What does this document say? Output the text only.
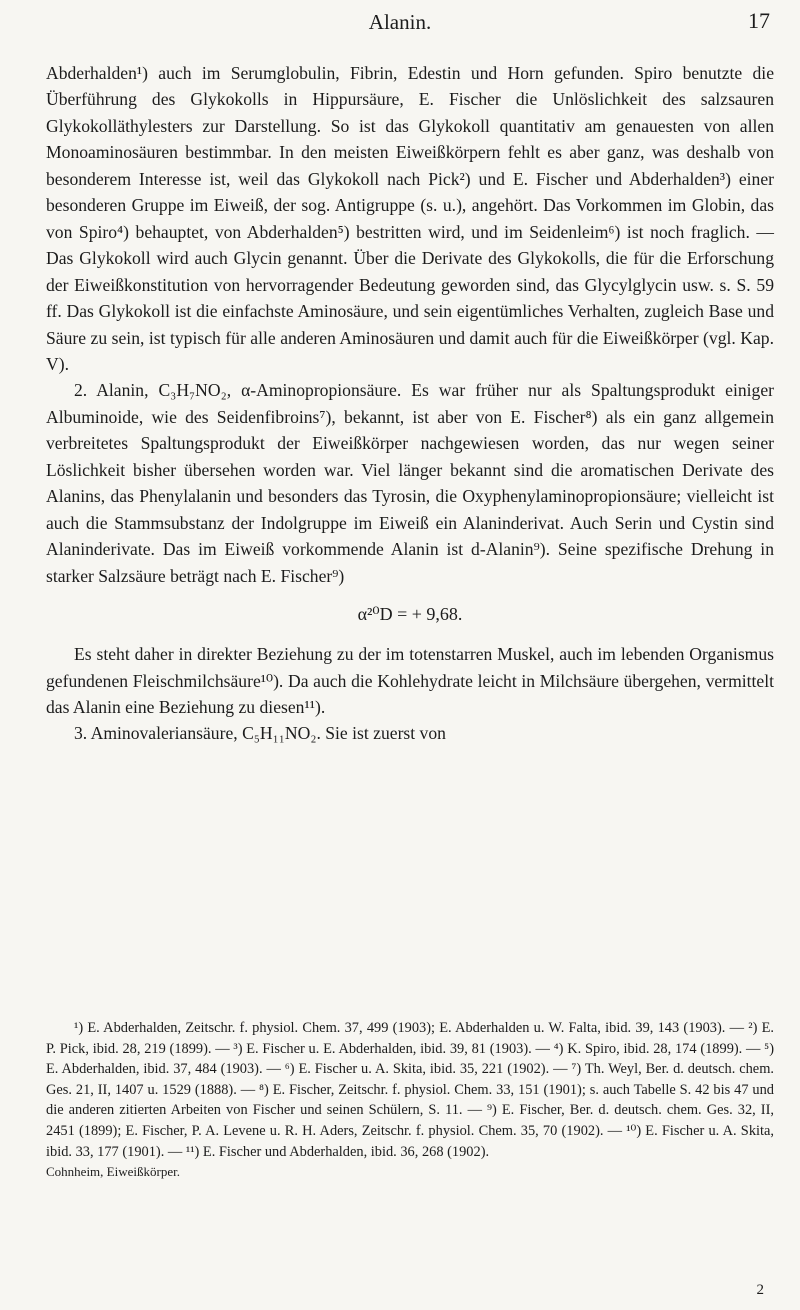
Alanin.	17

Abderhalden¹) auch im Serumglobulin, Fibrin, Edestin und Horn gefunden. Spiro benutzte die Überführung des Glykokolls in Hippursäure, E. Fischer die Unlöslichkeit des salzsauren Glykokolläthylesters zur Darstellung. So ist das Glykokoll quantitativ am genauesten von allen Monoaminosäuren bestimmbar. In den meisten Eiweißkörpern fehlt es aber ganz, was deshalb von besonderem Interesse ist, weil das Glykokoll nach Pick²) und E. Fischer und Abderhalden³) einer besonderen Gruppe im Eiweiß, der sog. Antigruppe (s. u.), angehört. Das Vorkommen im Globin, das von Spiro⁴) behauptet, von Abderhalden⁵) bestritten wird, und im Seidenleim⁶) ist noch fraglich. — Das Glykokoll wird auch Glycin genannt. Über die Derivate des Glykokolls, die für die Erforschung der Eiweißkonstitution von hervorragender Bedeutung geworden sind, das Glycylglycin usw. s. S. 59 ff. Das Glykokoll ist die einfachste Aminosäure, und sein eigentümliches Verhalten, zugleich Base und Säure zu sein, ist typisch für alle anderen Aminosäuren und damit auch für die Eiweißkörper (vgl. Kap. V).

2. Alanin, C₃H₇NO₂, α-Aminopropionsäure. Es war früher nur als Spaltungsprodukt einiger Albuminoide, wie des Seidenfibroins⁷), bekannt, ist aber von E. Fischer⁸) als ein ganz allgemein verbreitetes Spaltungsprodukt der Eiweißkörper nachgewiesen worden, das nur wegen seiner Löslichkeit bisher übersehen worden war. Viel länger bekannt sind die aromatischen Derivate des Alanins, das Phenylalanin und besonders das Tyrosin, die Oxyphenylaminopropionsäure; vielleicht ist auch die Stammsubstanz der Indolgruppe im Eiweiß ein Alaninderivat. Auch Serin und Cystin sind Alaninderivate. Das im Eiweiß vorkommende Alanin ist d-Alanin⁹). Seine spezifische Drehung in starker Salzsäure beträgt nach E. Fischer⁹)

α²⁰D = + 9,68.

Es steht daher in direkter Beziehung zu der im totenstarren Muskel, auch im lebenden Organismus gefundenen Fleischmilchsäure¹⁰). Da auch die Kohlehydrate leicht in Milchsäure übergehen, vermittelt das Alanin eine Beziehung zu diesen¹¹).

3. Aminovaleriansäure, C₅H₁₁NO₂. Sie ist zuerst von

¹) E. Abderhalden, Zeitschr. f. physiol. Chem. 37, 499 (1903); E. Abderhalden u. W. Falta, ibid. 39, 143 (1903). — ²) E. P. Pick, ibid. 28, 219 (1899). — ³) E. Fischer u. E. Abderhalden, ibid. 39, 81 (1903). — ⁴) K. Spiro, ibid. 28, 174 (1899). — ⁵) E. Abderhalden, ibid. 37, 484 (1903). — ⁶) E. Fischer u. A. Skita, ibid. 35, 221 (1902). — ⁷) Th. Weyl, Ber. d. deutsch. chem. Ges. 21, II, 1407 u. 1529 (1888). — ⁸) E. Fischer, Zeitschr. f. physiol. Chem. 33, 151 (1901); s. auch Tabelle S. 42 bis 47 und die anderen zitierten Arbeiten von Fischer und seinen Schülern, S. 11. — ⁹) E. Fischer, Ber. d. deutsch. chem. Ges. 32, II, 2451 (1899); E. Fischer, P. A. Levene u. R. H. Aders, Zeitschr. f. physiol. Chem. 35, 70 (1902). — ¹⁰) E. Fischer u. A. Skita, ibid. 33, 177 (1901). — ¹¹) E. Fischer und Abderhalden, ibid. 36, 268 (1902).

Cohnheim, Eiweißkörper.

2
